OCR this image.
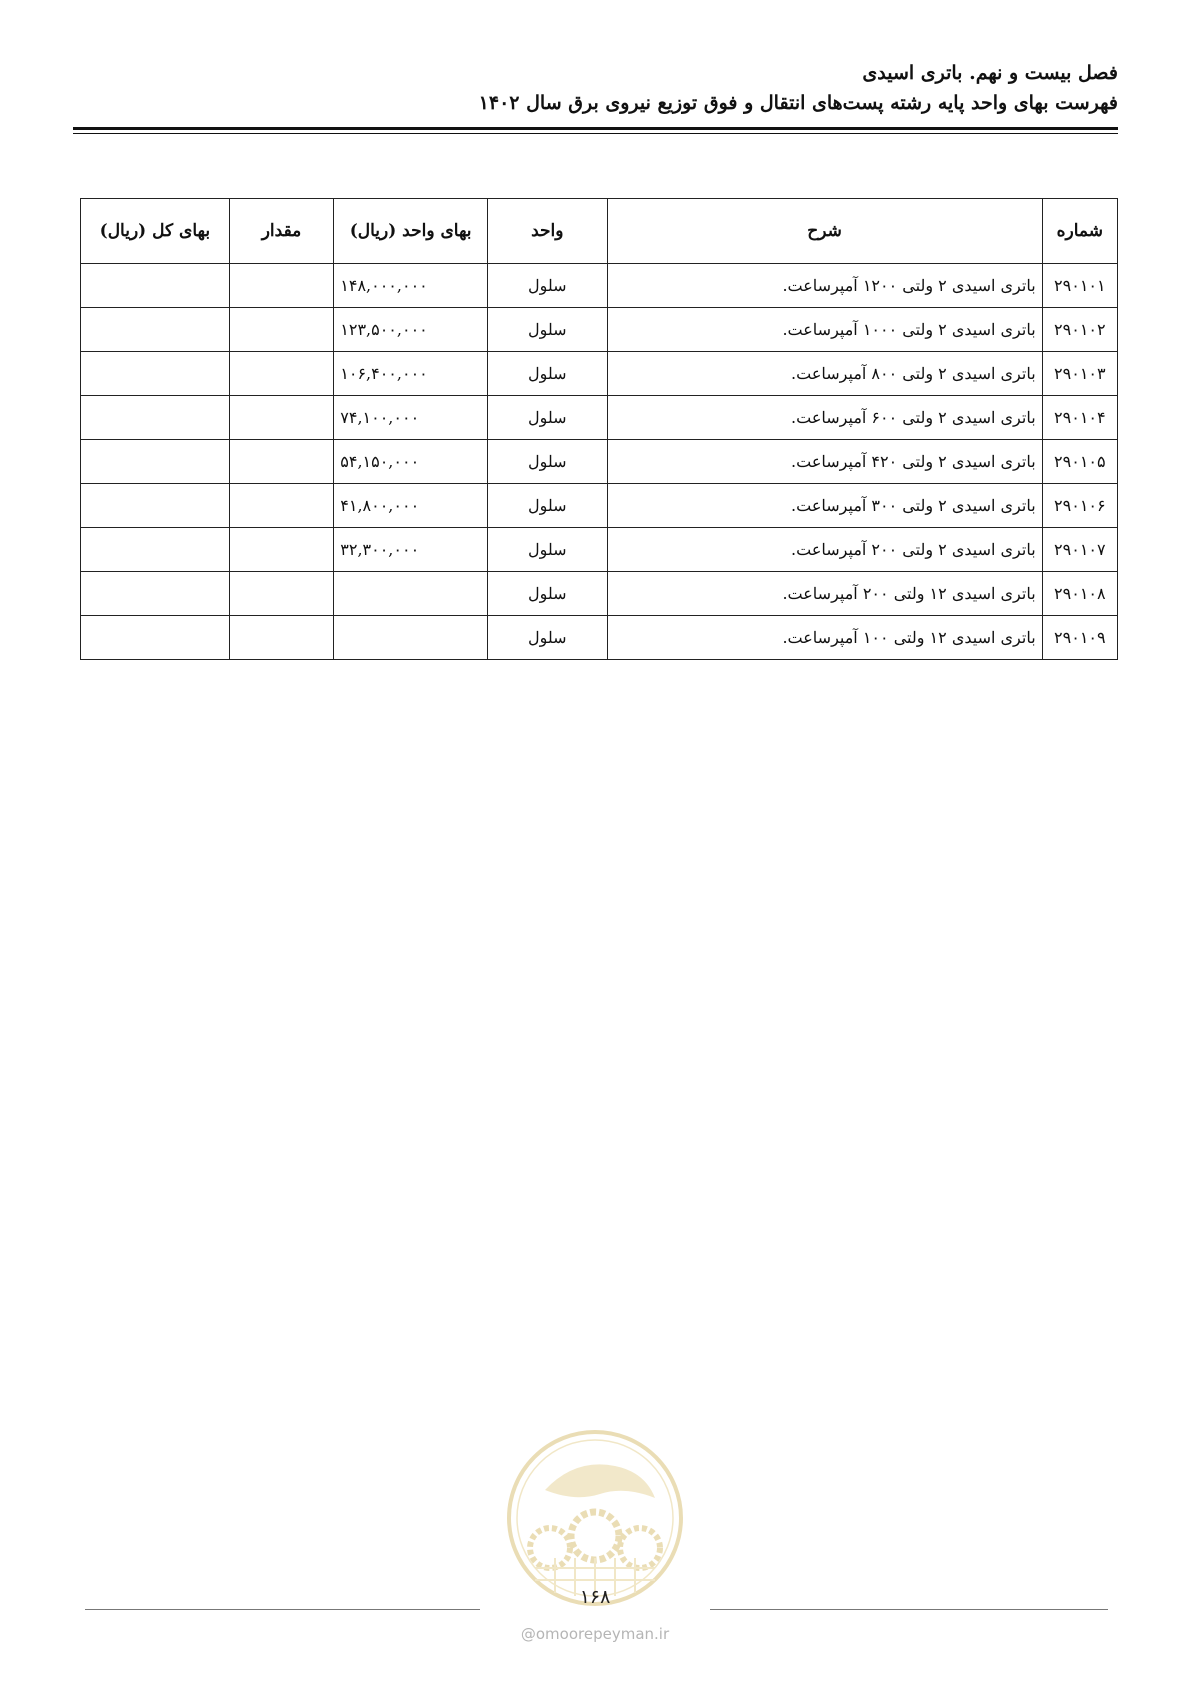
فصل بیست و نهم. باتری اسیدی
فهرست بهای واحد پایه رشته پست‌های انتقال و فوق توزیع نیروی برق سال ۱۴۰۲
شماره	شرح	واحد	بهای واحد (ریال)	مقدار	بهای کل (ریال)
۲۹۰۱۰۱	باتری اسیدی ۲ ولتی ۱۲۰۰ آمپرساعت.	سلول	۱۴۸,۰۰۰,۰۰۰		
۲۹۰۱۰۲	باتری اسیدی ۲ ولتی ۱۰۰۰ آمپرساعت.	سلول	۱۲۳,۵۰۰,۰۰۰		
۲۹۰۱۰۳	باتری اسیدی ۲ ولتی ۸۰۰ آمپرساعت.	سلول	۱۰۶,۴۰۰,۰۰۰		
۲۹۰۱۰۴	باتری اسیدی ۲ ولتی ۶۰۰ آمپرساعت.	سلول	۷۴,۱۰۰,۰۰۰		
۲۹۰۱۰۵	باتری اسیدی ۲ ولتی ۴۲۰ آمپرساعت.	سلول	۵۴,۱۵۰,۰۰۰		
۲۹۰۱۰۶	باتری اسیدی ۲ ولتی ۳۰۰ آمپرساعت.	سلول	۴۱,۸۰۰,۰۰۰		
۲۹۰۱۰۷	باتری اسیدی ۲ ولتی ۲۰۰ آمپرساعت.	سلول	۳۲,۳۰۰,۰۰۰		
۲۹۰۱۰۸	باتری اسیدی ۱۲ ولتی ۲۰۰ آمپرساعت.	سلول			
۲۹۰۱۰۹	باتری اسیدی ۱۲ ولتی ۱۰۰ آمپرساعت.	سلول			
۱۶۸
@omoorepeyman.ir
